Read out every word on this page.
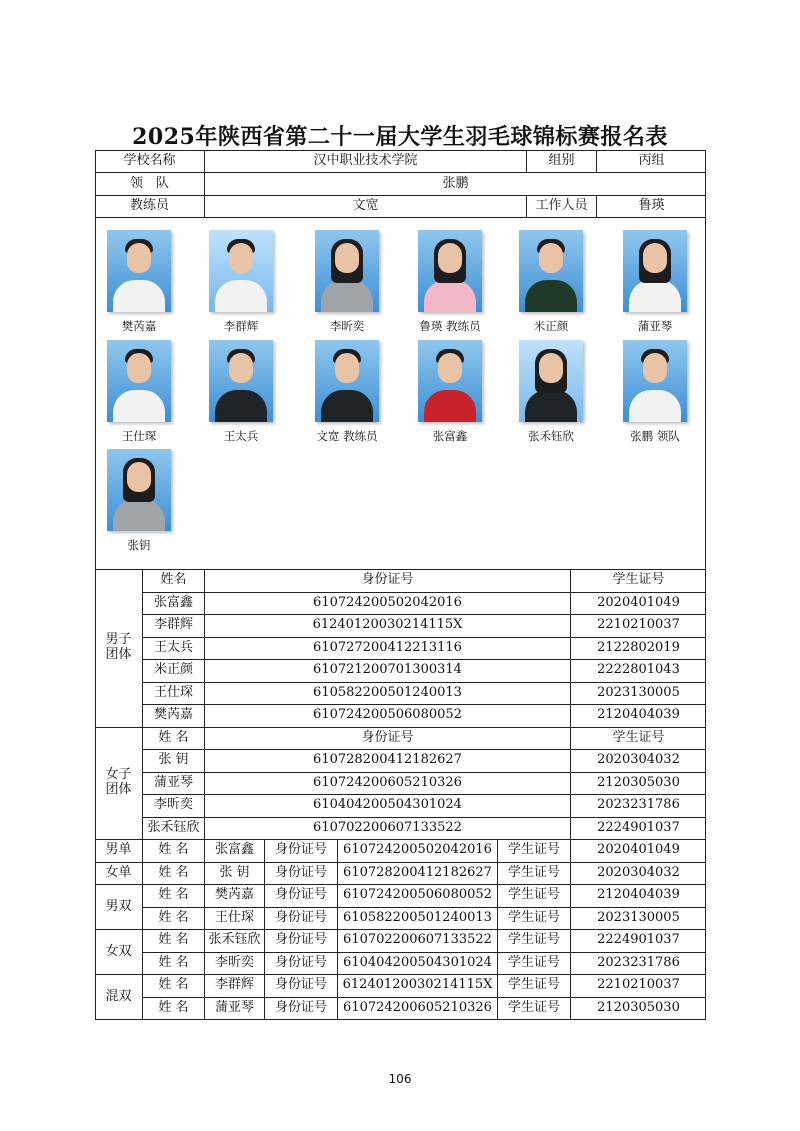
2025年陕西省第二十一届大学生羽毛球锦标赛报名表
樊芮嘉	李群辉	李昕奕	鲁瑛 教练员	米正颜	蒲亚琴
王仕琛	王太兵	文宽 教练员	张富鑫	张禾钰欣	张鹏 领队
张钥
学校名称	汉中职业技术学院	组别	丙组
领　队	张鹏
教练员	文宽	工作人员	鲁瑛
男子
团体
姓名	身份证号	学生证号
张富鑫	610724200502042016	2020401049
李群辉	61240120030214115X	2210210037
王太兵	610727200412213116	2122802019
米正颜	610721200701300314	2222801043
王仕琛	610582200501240013	2023130005
樊芮嘉	610724200506080052	2120404039
女子
团体
姓 名	身份证号	学生证号
张 钥	610728200412182627	2020304032
蒲亚琴	610724200605210326	2120305030
李昕奕	610404200504301024	2023231786
张禾钰欣	610702200607133522	2224901037
男单	姓 名	张富鑫	身份证号	610724200502042016	学生证号	2020401049
女单	姓 名	张 钥	身份证号	610728200412182627	学生证号	2020304032
男双
姓 名	樊芮嘉	身份证号	610724200506080052	学生证号	2120404039
姓 名	王仕琛	身份证号	610582200501240013	学生证号	2023130005
女双
姓 名	张禾钰欣	身份证号	610702200607133522	学生证号	2224901037
姓 名	李昕奕	身份证号	610404200504301024	学生证号	2023231786
混双
姓 名	李群辉	身份证号	61240120030214115X	学生证号	2210210037
姓 名	蒲亚琴	身份证号	610724200605210326	学生证号	2120305030
106
